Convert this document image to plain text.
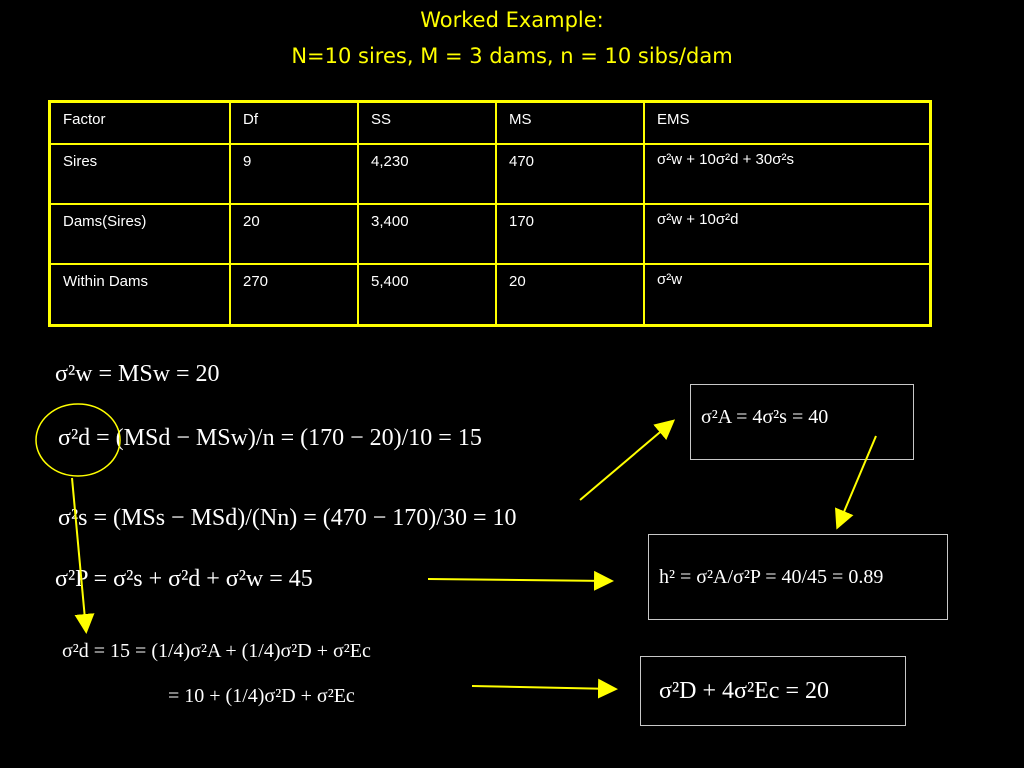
Worked Example:
N=10 sires, M = 3 dams, n = 10 sibs/dam
Factor	Df	SS	MS	EMS
Sires	9	4,230	470	σ²w + 10σ²d + 30σ²s
Dams(Sires)	20	3,400	170	σ²w + 10σ²d
Within Dams	270	5,400	20	σ²w
σ²w = MSw = 20
σ²d = (MSd − MSw)/n = (170 − 20)/10 = 15
σ²s = (MSs − MSd)/(Nn) = (470 − 170)/30 = 10
σ²P = σ²s + σ²d + σ²w = 45
σ²d = 15 = (1/4)σ²A + (1/4)σ²D + σ²Ec
= 10 + (1/4)σ²D + σ²Ec
σ²A = 4σ²s = 40
h² = σ²A/σ²P = 40/45 = 0.89
σ²D + 4σ²Ec = 20
